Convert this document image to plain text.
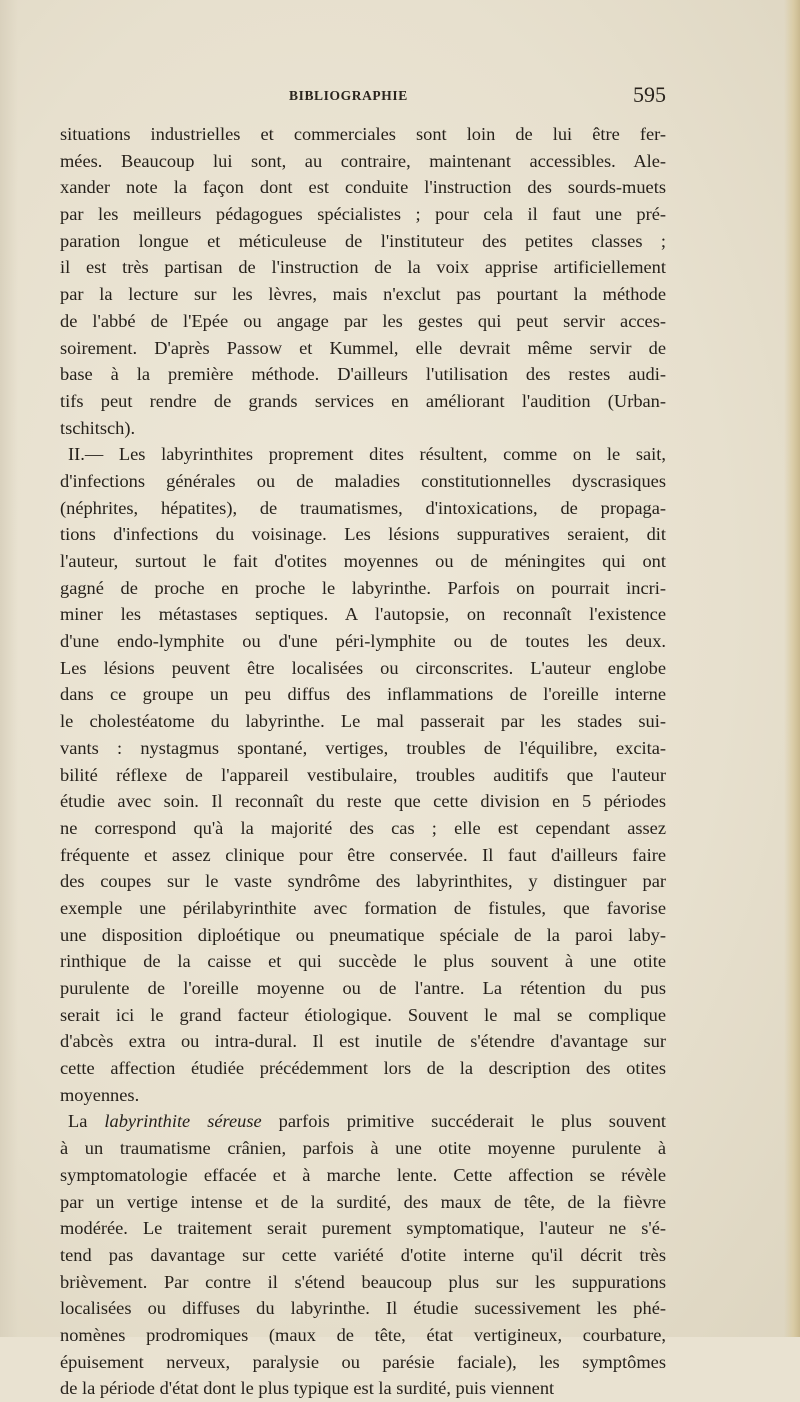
BIBLIOGRAPHIE	595
situations industrielles et commerciales sont loin de lui être fer-
mées. Beaucoup lui sont, au contraire, maintenant accessibles. Ale-
xander note la façon dont est conduite l'instruction des sourds-muets
par les meilleurs pédagogues spécialistes ; pour cela il faut une pré-
paration longue et méticuleuse de l'instituteur des petites classes ;
il est très partisan de l'instruction de la voix apprise artificiellement
par la lecture sur les lèvres, mais n'exclut pas pourtant la méthode
de l'abbé de l'Epée ou angage par les gestes qui peut servir acces-
soirement. D'après Passow et Kummel, elle devrait même servir de
base à la première méthode. D'ailleurs l'utilisation des restes audi-
tifs peut rendre de grands services en améliorant l'audition (Urban-
tschitsch).
II.— Les labyrinthites proprement dites résultent, comme on le sait,
d'infections générales ou de maladies constitutionnelles dyscrasiques
(néphrites, hépatites), de traumatismes, d'intoxications, de propaga-
tions d'infections du voisinage. Les lésions suppuratives seraient, dit
l'auteur, surtout le fait d'otites moyennes ou de méningites qui ont
gagné de proche en proche le labyrinthe. Parfois on pourrait incri-
miner les métastases septiques. A l'autopsie, on reconnaît l'existence
d'une endo-lymphite ou d'une péri-lymphite ou de toutes les deux.
Les lésions peuvent être localisées ou circonscrites. L'auteur englobe
dans ce groupe un peu diffus des inflammations de l'oreille interne
le cholestéatome du labyrinthe. Le mal passerait par les stades sui-
vants : nystagmus spontané, vertiges, troubles de l'équilibre, excita-
bilité réflexe de l'appareil vestibulaire, troubles auditifs que l'auteur
étudie avec soin. Il reconnaît du reste que cette division en 5 périodes
ne correspond qu'à la majorité des cas ; elle est cependant assez
fréquente et assez clinique pour être conservée. Il faut d'ailleurs faire
des coupes sur le vaste syndrôme des labyrinthites, y distinguer par
exemple une périlabyrinthite avec formation de fistules, que favorise
une disposition diploétique ou pneumatique spéciale de la paroi laby-
rinthique de la caisse et qui succède le plus souvent à une otite
purulente de l'oreille moyenne ou de l'antre. La rétention du pus
serait ici le grand facteur étiologique. Souvent le mal se complique
d'abcès extra ou intra-dural. Il est inutile de s'étendre d'avantage sur
cette affection étudiée précédemment lors de la description des otites
moyennes.
La labyrinthite séreuse parfois primitive succéderait le plus souvent
à un traumatisme crânien, parfois à une otite moyenne purulente à
symptomatologie effacée et à marche lente. Cette affection se révèle
par un vertige intense et de la surdité, des maux de tête, de la fièvre
modérée. Le traitement serait purement symptomatique, l'auteur ne s'é-
tend pas davantage sur cette variété d'otite interne qu'il décrit très
brièvement. Par contre il s'étend beaucoup plus sur les suppurations
localisées ou diffuses du labyrinthe. Il étudie sucessivement les phé-
nomènes prodromiques (maux de tête, état vertigineux, courbature,
épuisement nerveux, paralysie ou parésie faciale), les symptômes
de la période d'état dont le plus typique est la surdité, puis viennent
